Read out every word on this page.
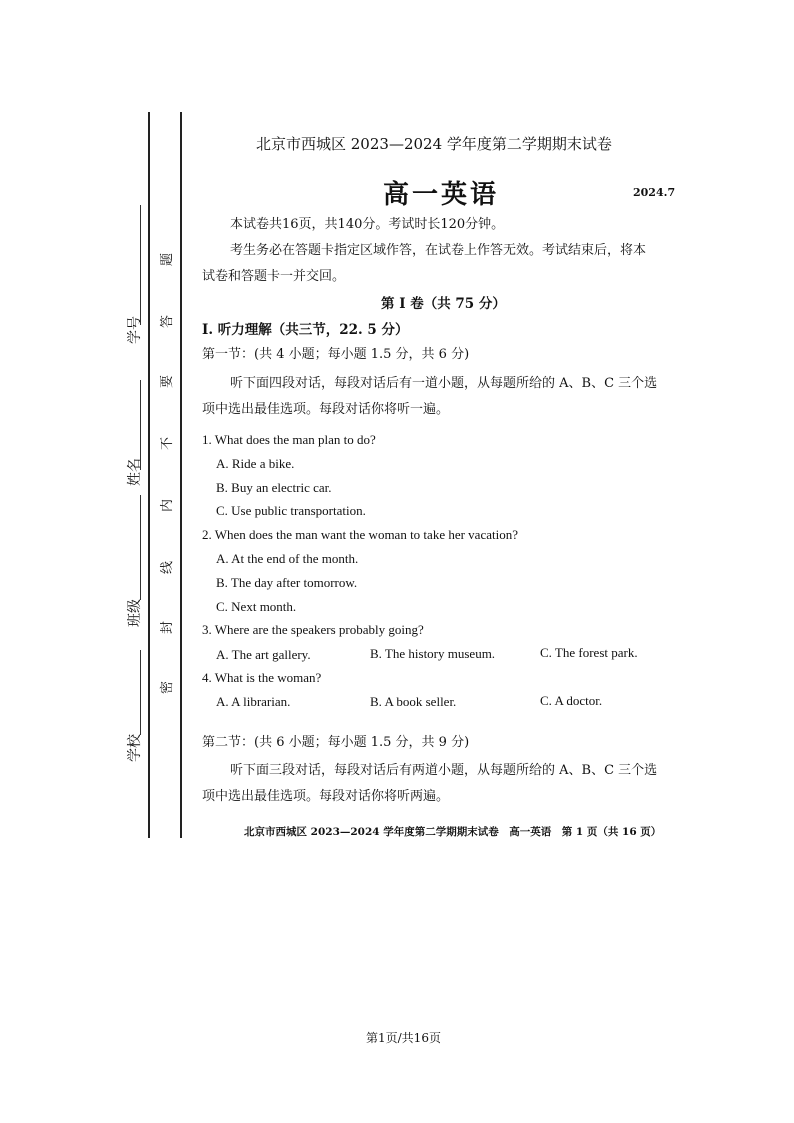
学号
姓名
班级
学校
题
答
要
不
内
线
封
密
北京市西城区 2023—2024 学年度第二学期期末试卷
高一英语	2024.7
本试卷共16页，共140分。考试时长120分钟。
考生务必在答题卡指定区域作答，在试卷上作答无效。考试结束后，将本
试卷和答题卡一并交回。
第 I 卷（共 75 分）
I. 听力理解（共三节，22. 5 分）
第一节：(共 4 小题；每小题 1.5 分，共 6 分)
听下面四段对话，每段对话后有一道小题，从每题所给的 A、B、C 三个选
项中选出最佳选项。每段对话你将听一遍。
1. What does the man plan to do?
A. Ride a bike.
B. Buy an electric car.
C. Use public transportation.
2. When does the man want the woman to take her vacation?
A. At the end of the month.
B. The day after tomorrow.
C. Next month.
3. Where are the speakers probably going?
A. The art gallery.	B. The history museum.	C. The forest park.
4. What is the woman?
A. A librarian.	B. A book seller.	C. A doctor.
第二节：(共 6 小题；每小题 1.5 分，共 9 分)
听下面三段对话，每段对话后有两道小题，从每题所给的 A、B、C 三个选
项中选出最佳选项。每段对话你将听两遍。
北京市西城区 2023—2024 学年度第二学期期末试卷　高一英语　第 1 页（共 16 页）
第1页/共16页
